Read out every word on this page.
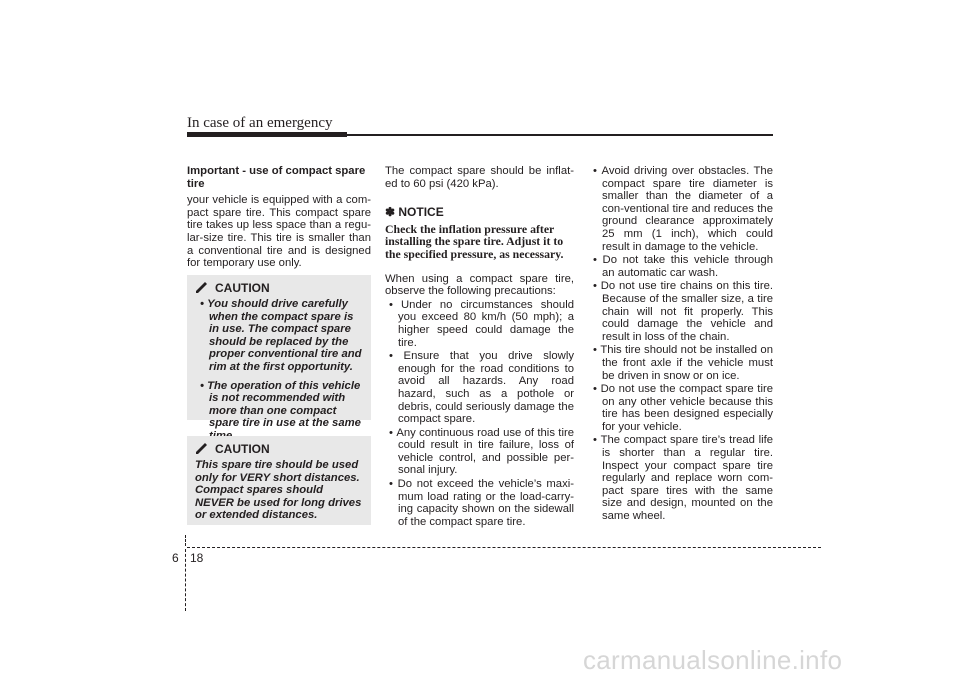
In case of an emergency

Important - use of compact spare tire

your vehicle is equipped with a com-pact spare tire. This compact spare tire takes up less space than a regu-lar-size tire. This tire is smaller than a conventional tire and is designed for temporary use only.

CAUTION
• You should drive carefully when the compact spare is in use. The compact spare should be replaced by the proper conventional tire and rim at the first opportunity.
• The operation of this vehicle is not recommended with more than one compact spare tire in use at the same
CAUTION

This spare tire should be used only for VERY short distances. Compact spares should NEVER be used for long drives or extended distances.

The compact spare should be inflat-ed to 60 psi (420 kPa).

✽ NOTICE

Check the inflation pressure after installing the spare tire. Adjust it to the specified pressure, as necessary.

When using a compact spare tire, observe the following precautions:

• Under no circumstances should you exceed 80 km/h (50 mph); a higher speed could damage the tire.
• Ensure that you drive slowly enough for the road conditions to avoid all hazards. Any road hazard, such as a pothole or debris, could seriously damage the compact spare.
• Any continuous road use of this tire could result in tire failure, loss of vehicle control, and possible per-sonal injury.
• Do not exceed the vehicle’s maxi-mum load rating or the load-carry-ing capacity shown on the sidewall of the compact spare tire.
• Avoid driving over obstacles. The compact spare tire diameter is smaller than the diameter of a con-ventional tire and reduces the ground clearance approximately 25 mm (1 inch), which could result in damage to the vehicle.
• Do not take this vehicle through an automatic car wash.
• Do not use tire chains on this tire. Because of the smaller size, a tire chain will not fit properly. This could damage the vehicle and result in loss of the chain.
• This tire should not be installed on the front axle if the vehicle must be driven in snow or on ice.
• Do not use the compact spare tire on any other vehicle because this tire has been designed especially for your vehicle.
• The compact spare tire’s tread life is shorter than a regular tire. Inspect your compact spare tire regularly and replace worn com-pact spare tires with the same size and design, mounted on the same wheel.
6 18
carmanualsonline.info
